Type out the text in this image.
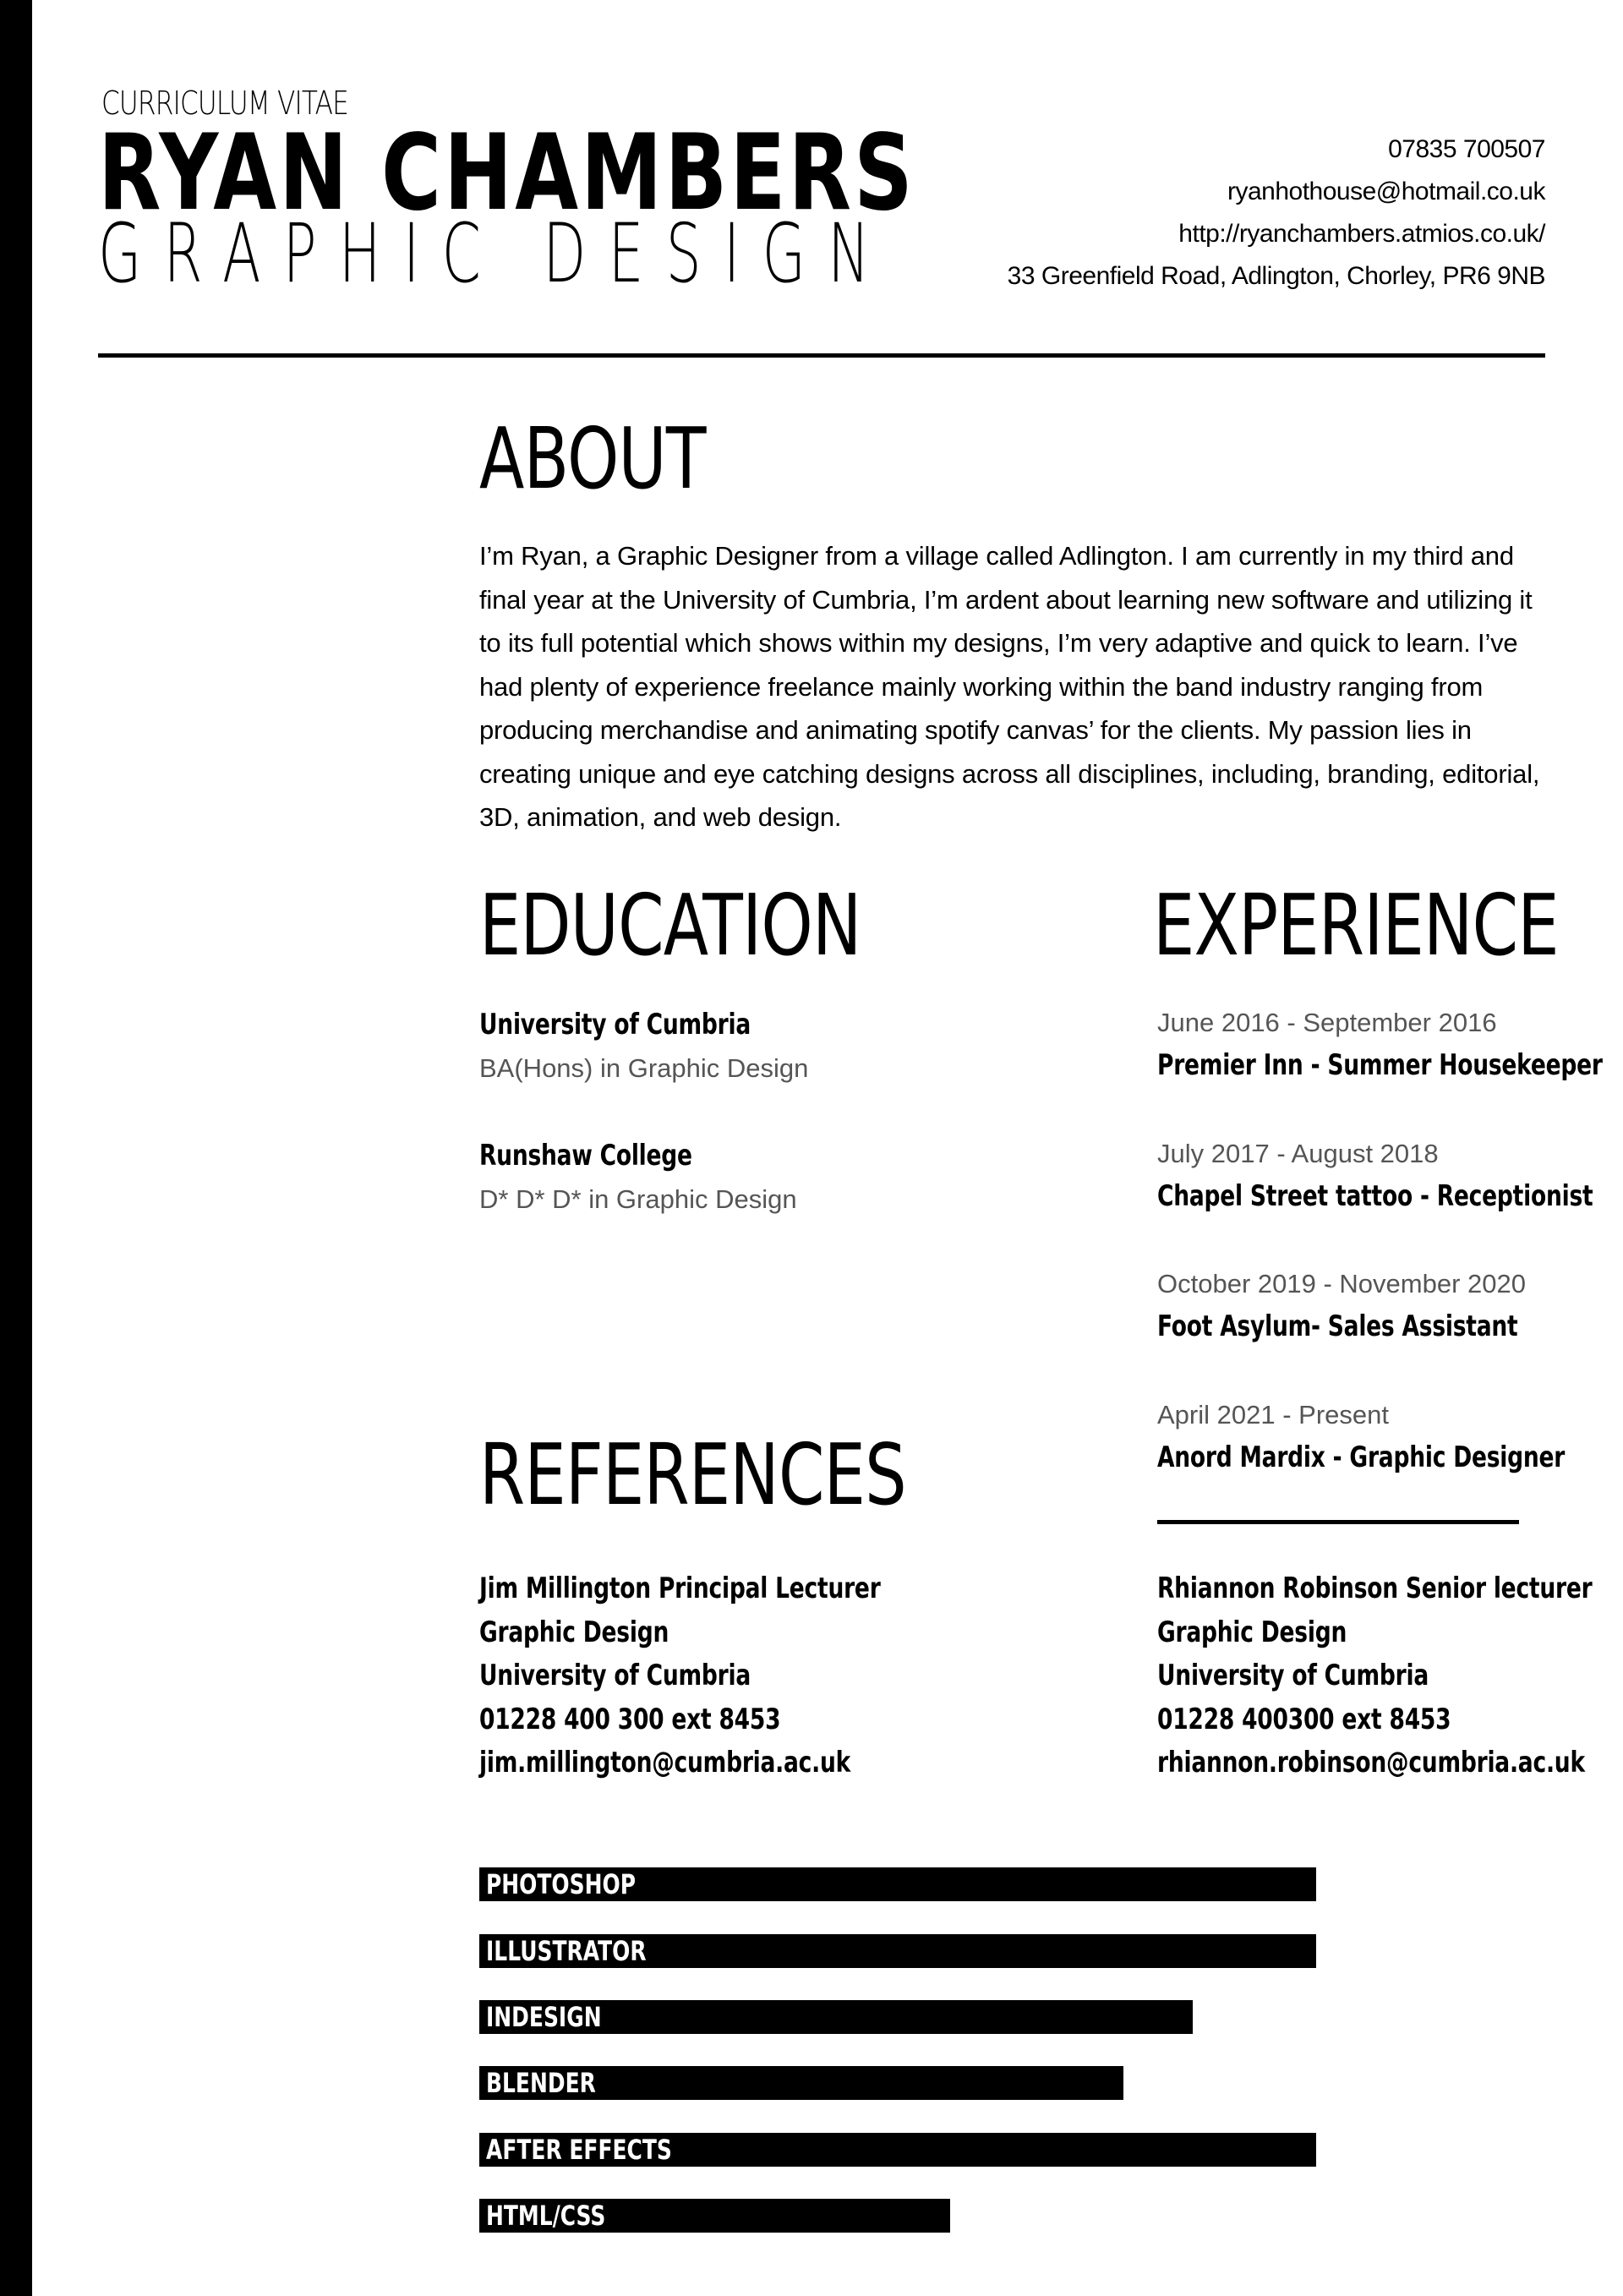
CURRICULUM VITAE
RYAN CHAMBERS
GRAPHIC DESIGN
07835 700507
ryanhothouse@hotmail.co.uk
http://ryanchambers.atmios.co.uk/
33 Greenfield Road, Adlington, Chorley, PR6 9NB
ABOUT
I’m Ryan, a Graphic Designer from a village called Adlington. I am currently in my third and final year at the University of Cumbria, I’m ardent about learning new software and utilizing it to its full potential which shows within my designs, I’m very adaptive and quick to learn. I’ve had plenty of experience freelance mainly working within the band industry ranging from producing merchandise and animating spotify canvas’ for the clients. My passion lies in creating unique and eye catching designs across all disciplines, including, branding, editorial, 3D, animation, and web design.
EDUCATION
University of Cumbria
BA(Hons) in Graphic Design
Runshaw College
D* D* D* in Graphic Design
EXPERIENCE
June 2016 - September 2016
Premier Inn - Summer Housekeeper
July 2017 - August 2018
Chapel Street tattoo - Receptionist
October 2019 - November 2020
Foot Asylum- Sales Assistant
April 2021 - Present
Anord Mardix - Graphic Designer
REFERENCES
Jim Millington Principal Lecturer
Graphic Design
University of Cumbria
01228 400 300 ext 8453
jim.millington@cumbria.ac.uk
Rhiannon Robinson Senior lecturer
Graphic Design
University of Cumbria
01228 400300 ext 8453
rhiannon.robinson@cumbria.ac.uk
PHOTOSHOP
ILLUSTRATOR
INDESIGN
BLENDER
AFTER EFFECTS
HTML/CSS
